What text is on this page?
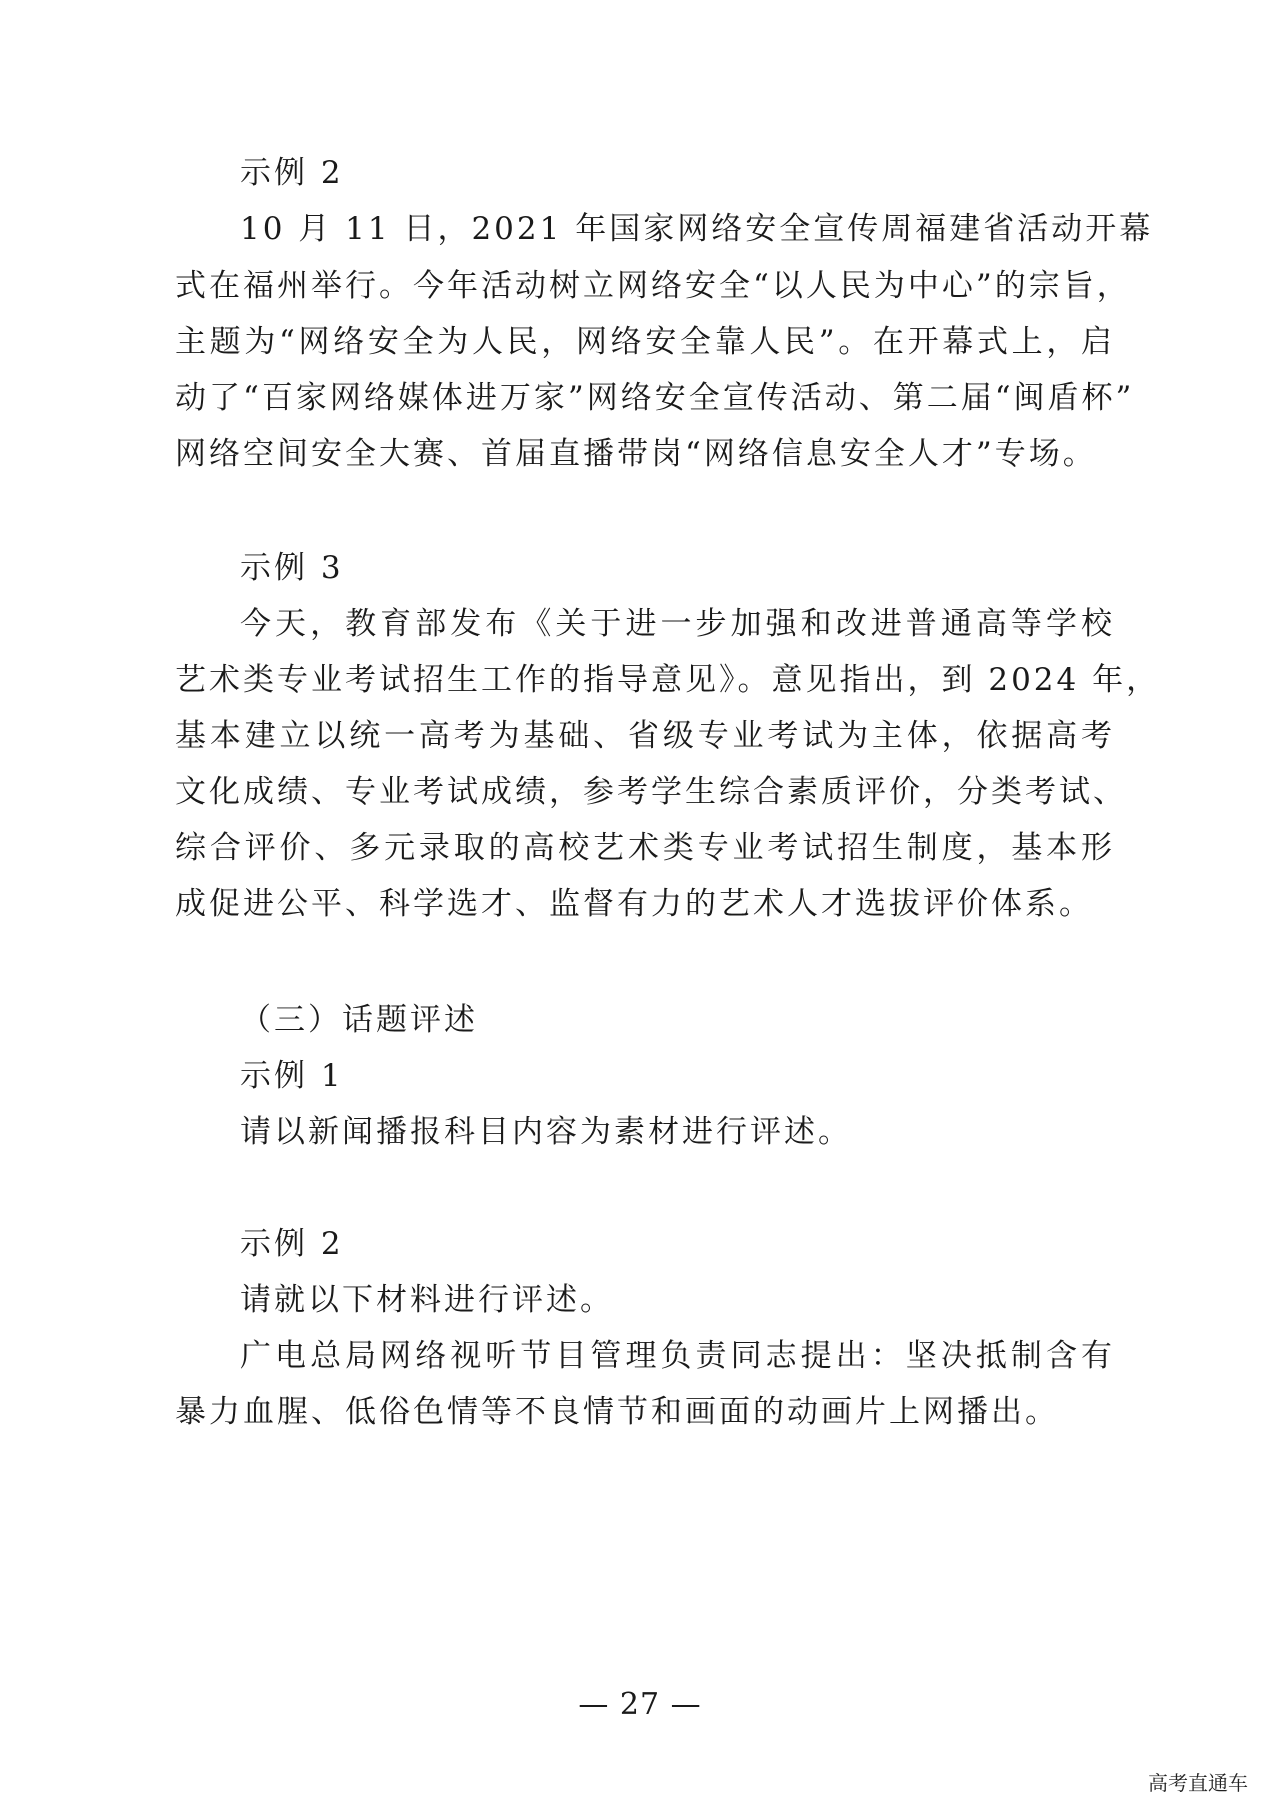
示例 2
10 月 11 日，2021 年国家网络安全宣传周福建省活动开幕
式在福州举行。今年活动树立网络安全“以人民为中心”的宗旨，
主题为“网络安全为人民，网络安全靠人民”。在开幕式上，启
动了“百家网络媒体进万家”网络安全宣传活动、第二届“闽盾杯”
网络空间安全大赛、首届直播带岗“网络信息安全人才”专场。
示例 3
今天，教育部发布《关于进一步加强和改进普通高等学校
艺术类专业考试招生工作的指导意见》。意见指出，到 2024 年，
基本建立以统一高考为基础、省级专业考试为主体，依据高考
文化成绩、专业考试成绩，参考学生综合素质评价，分类考试、
综合评价、多元录取的高校艺术类专业考试招生制度，基本形
成促进公平、科学选才、监督有力的艺术人才选拔评价体系。
（三）话题评述
示例 1
请以新闻播报科目内容为素材进行评述。
示例 2
请就以下材料进行评述。
广电总局网络视听节目管理负责同志提出：坚决抵制含有
暴力血腥、低俗色情等不良情节和画面的动画片上网播出。
— 27 —
高考直通车
